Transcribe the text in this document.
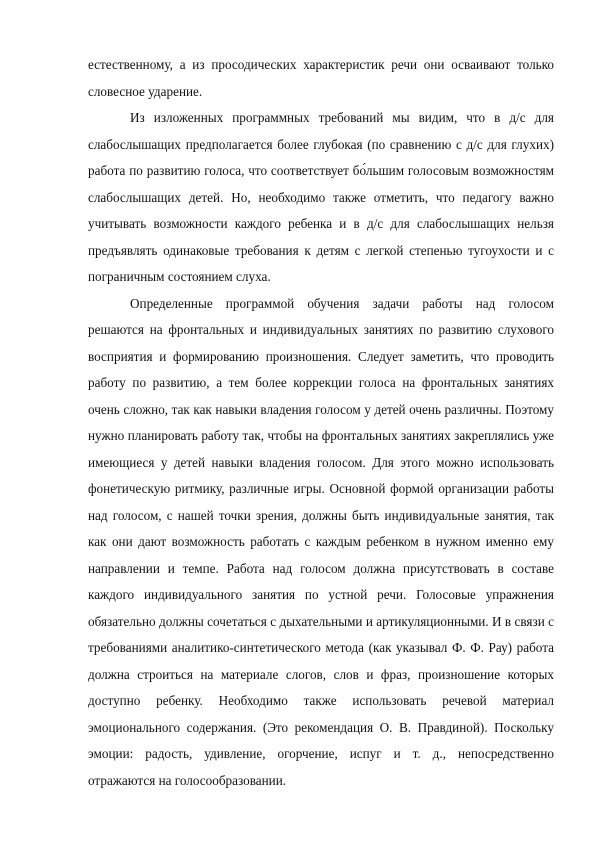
естественному, а из просодических характеристик речи они осваивают только словесное ударение.

Из изложенных программных требований мы видим, что в д/с для слабослышащих предполагается более глубокая (по сравнению с д/с для глухих) работа по развитию голоса, что соответствует бо́льшим голосовым возможностям слабослышащих детей. Но, необходимо также отметить, что педагогу важно учитывать возможности каждого ребенка и в д/с для слабослышащих нельзя предъявлять одинаковые требования к детям с легкой степенью тугоухости и с пограничным состоянием слуха.

Определенные программой обучения задачи работы над голосом решаются на фронтальных и индивидуальных занятиях по развитию слухового восприятия и формированию произношения. Следует заметить, что проводить работу по развитию, а тем более коррекции голоса на фронтальных занятиях очень сложно, так как навыки владения голосом у детей очень различны. Поэтому нужно планировать работу так, чтобы на фронтальных занятиях закреплялись уже имеющиеся у детей навыки владения голосом. Для этого можно использовать фонетическую ритмику, различные игры. Основной формой организации работы над голосом, с нашей точки зрения, должны быть индивидуальные занятия, так как они дают возможность работать с каждым ребенком в нужном именно ему направлении и темпе. Работа над голосом должна присутствовать в составе каждого индивидуального занятия по устной речи. Голосовые упражнения обязательно должны сочетаться с дыхательными и артикуляционными. И в связи с требованиями аналитико-синтетического метода (как указывал Ф. Ф. Рау) работа должна строиться на материале слогов, слов и фраз, произношение которых доступно ребенку. Необходимо также использовать речевой материал эмоционального содержания. (Это рекомендация О. В. Правдиной). Поскольку эмоции: радость, удивление, огорчение, испуг и т. д., непосредственно отражаются на голосообразовании.
